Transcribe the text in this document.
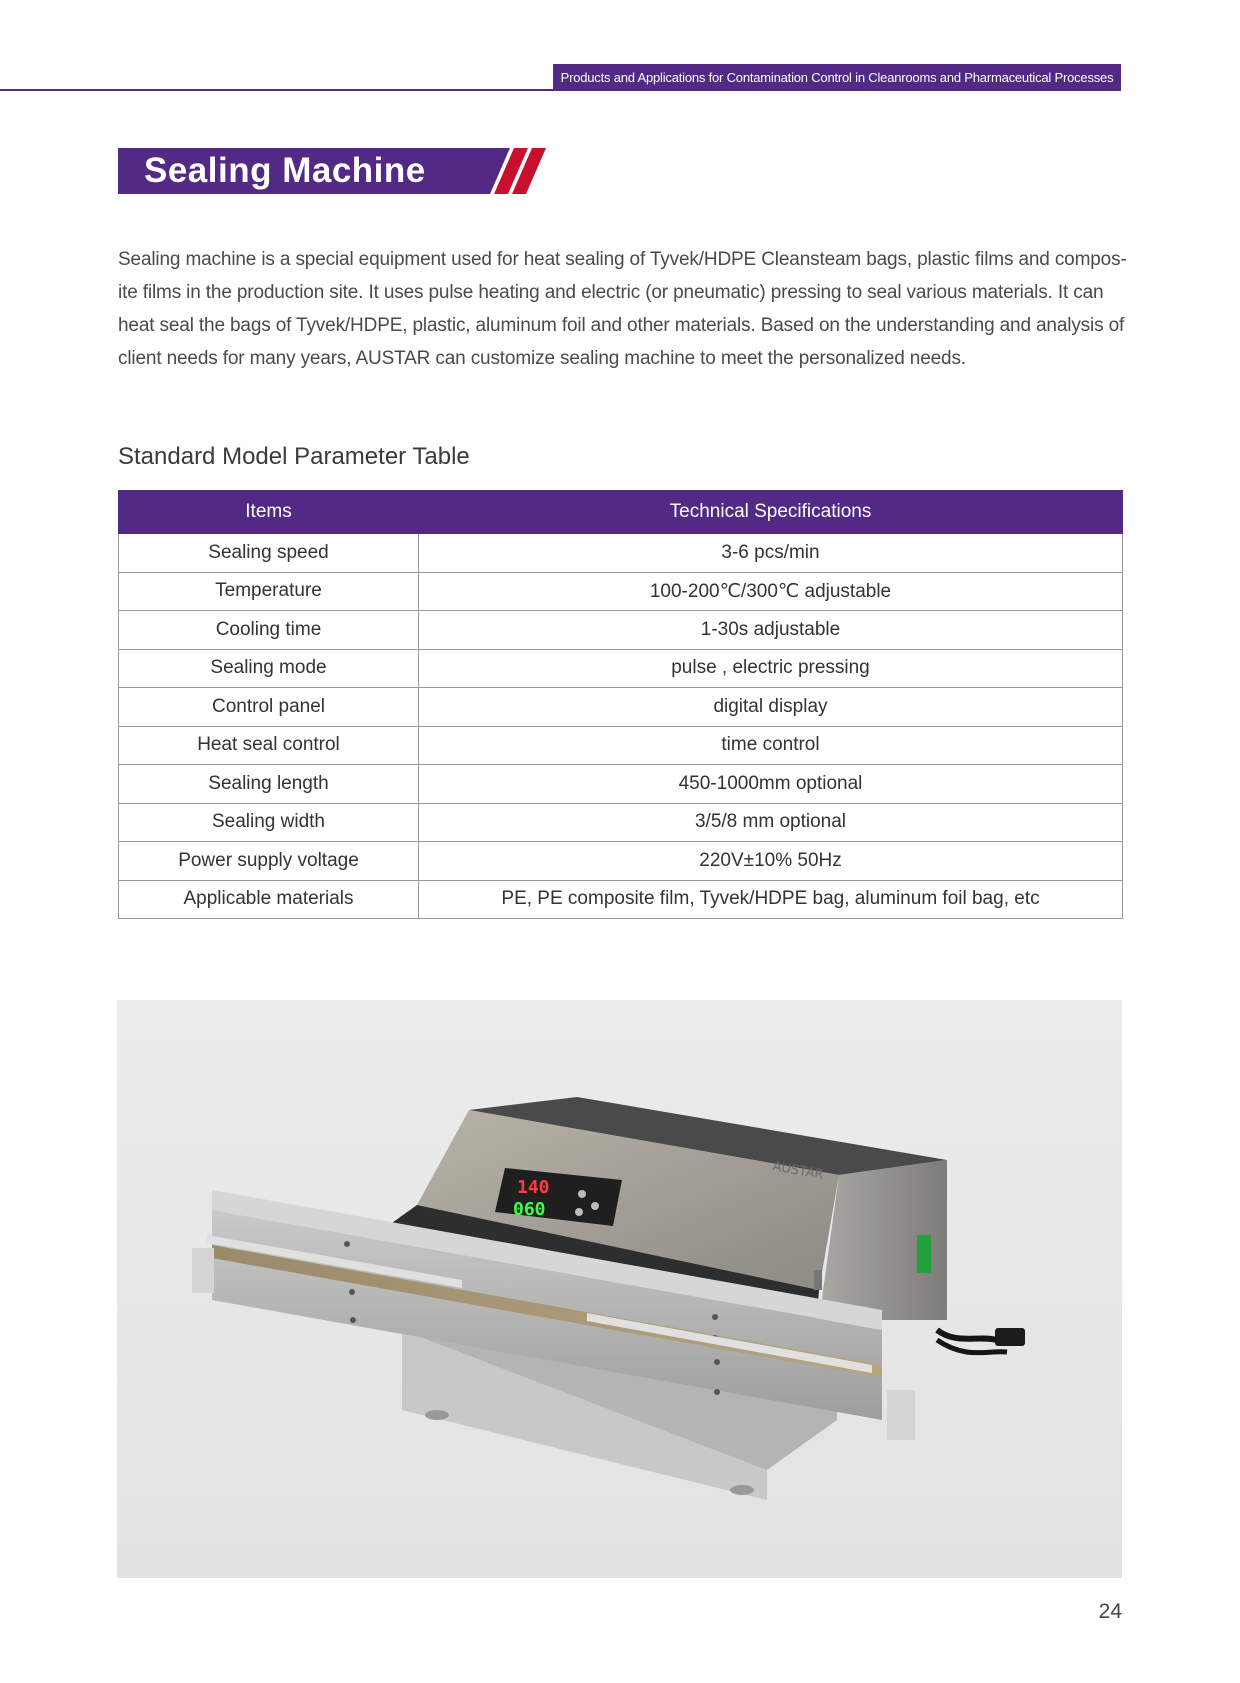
Products and Applications for Contamination Control in Cleanrooms and Pharmaceutical Processes
Sealing Machine
Sealing machine is a special equipment used for heat sealing of Tyvek/HDPE Cleansteam bags, plastic films and compos-
ite films in the production site. It uses pulse heating and electric (or pneumatic) pressing to seal various materials. It can
heat seal the bags of Tyvek/HDPE, plastic, aluminum foil and other materials. Based on the understanding and analysis of
client needs for many years, AUSTAR can customize sealing machine to meet the personalized needs.
Standard Model Parameter Table
Items	Technical Specifications
Sealing speed	3-6 pcs/min
Temperature	100-200℃/300℃ adjustable
Cooling time	1-30s adjustable
Sealing mode	pulse , electric pressing
Control panel	digital display
Heat seal control	time control
Sealing length	450-1000mm optional
Sealing width	3/5/8 mm optional
Power supply voltage	220V±10% 50Hz
Applicable materials	PE, PE composite film, Tyvek/HDPE bag, aluminum foil bag, etc
140
060
AUSTAR
24
